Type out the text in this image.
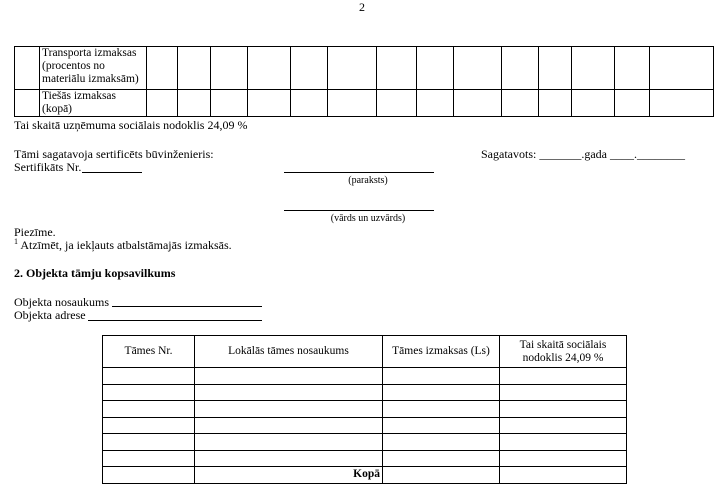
2
	Transporta izmaksas (procentos no materiālu izmaksām)														
	Tiešās izmaksas (kopā)														
Tai skaitā uzņēmuma sociālais nodoklis 24,09 %
Tāmi sagatavoja sertificēts būvinženieris:	Sagatavots: _______.gada ____.________
Sertifikāts Nr.
(paraksts)
(vārds un uzvārds)
Piezīme.
$^1$ Atzīmēt, ja iekļauts atbalstāmajās izmaksās.
2. Objekta tāmju kopsavilkums
Objekta nosaukums
Objekta adrese
Tāmes Nr.	Lokālās tāmes nosaukums	Tāmes izmaksas (Ls)	Tai skaitā sociālais nodoklis 24,09 %

	Kopā		
